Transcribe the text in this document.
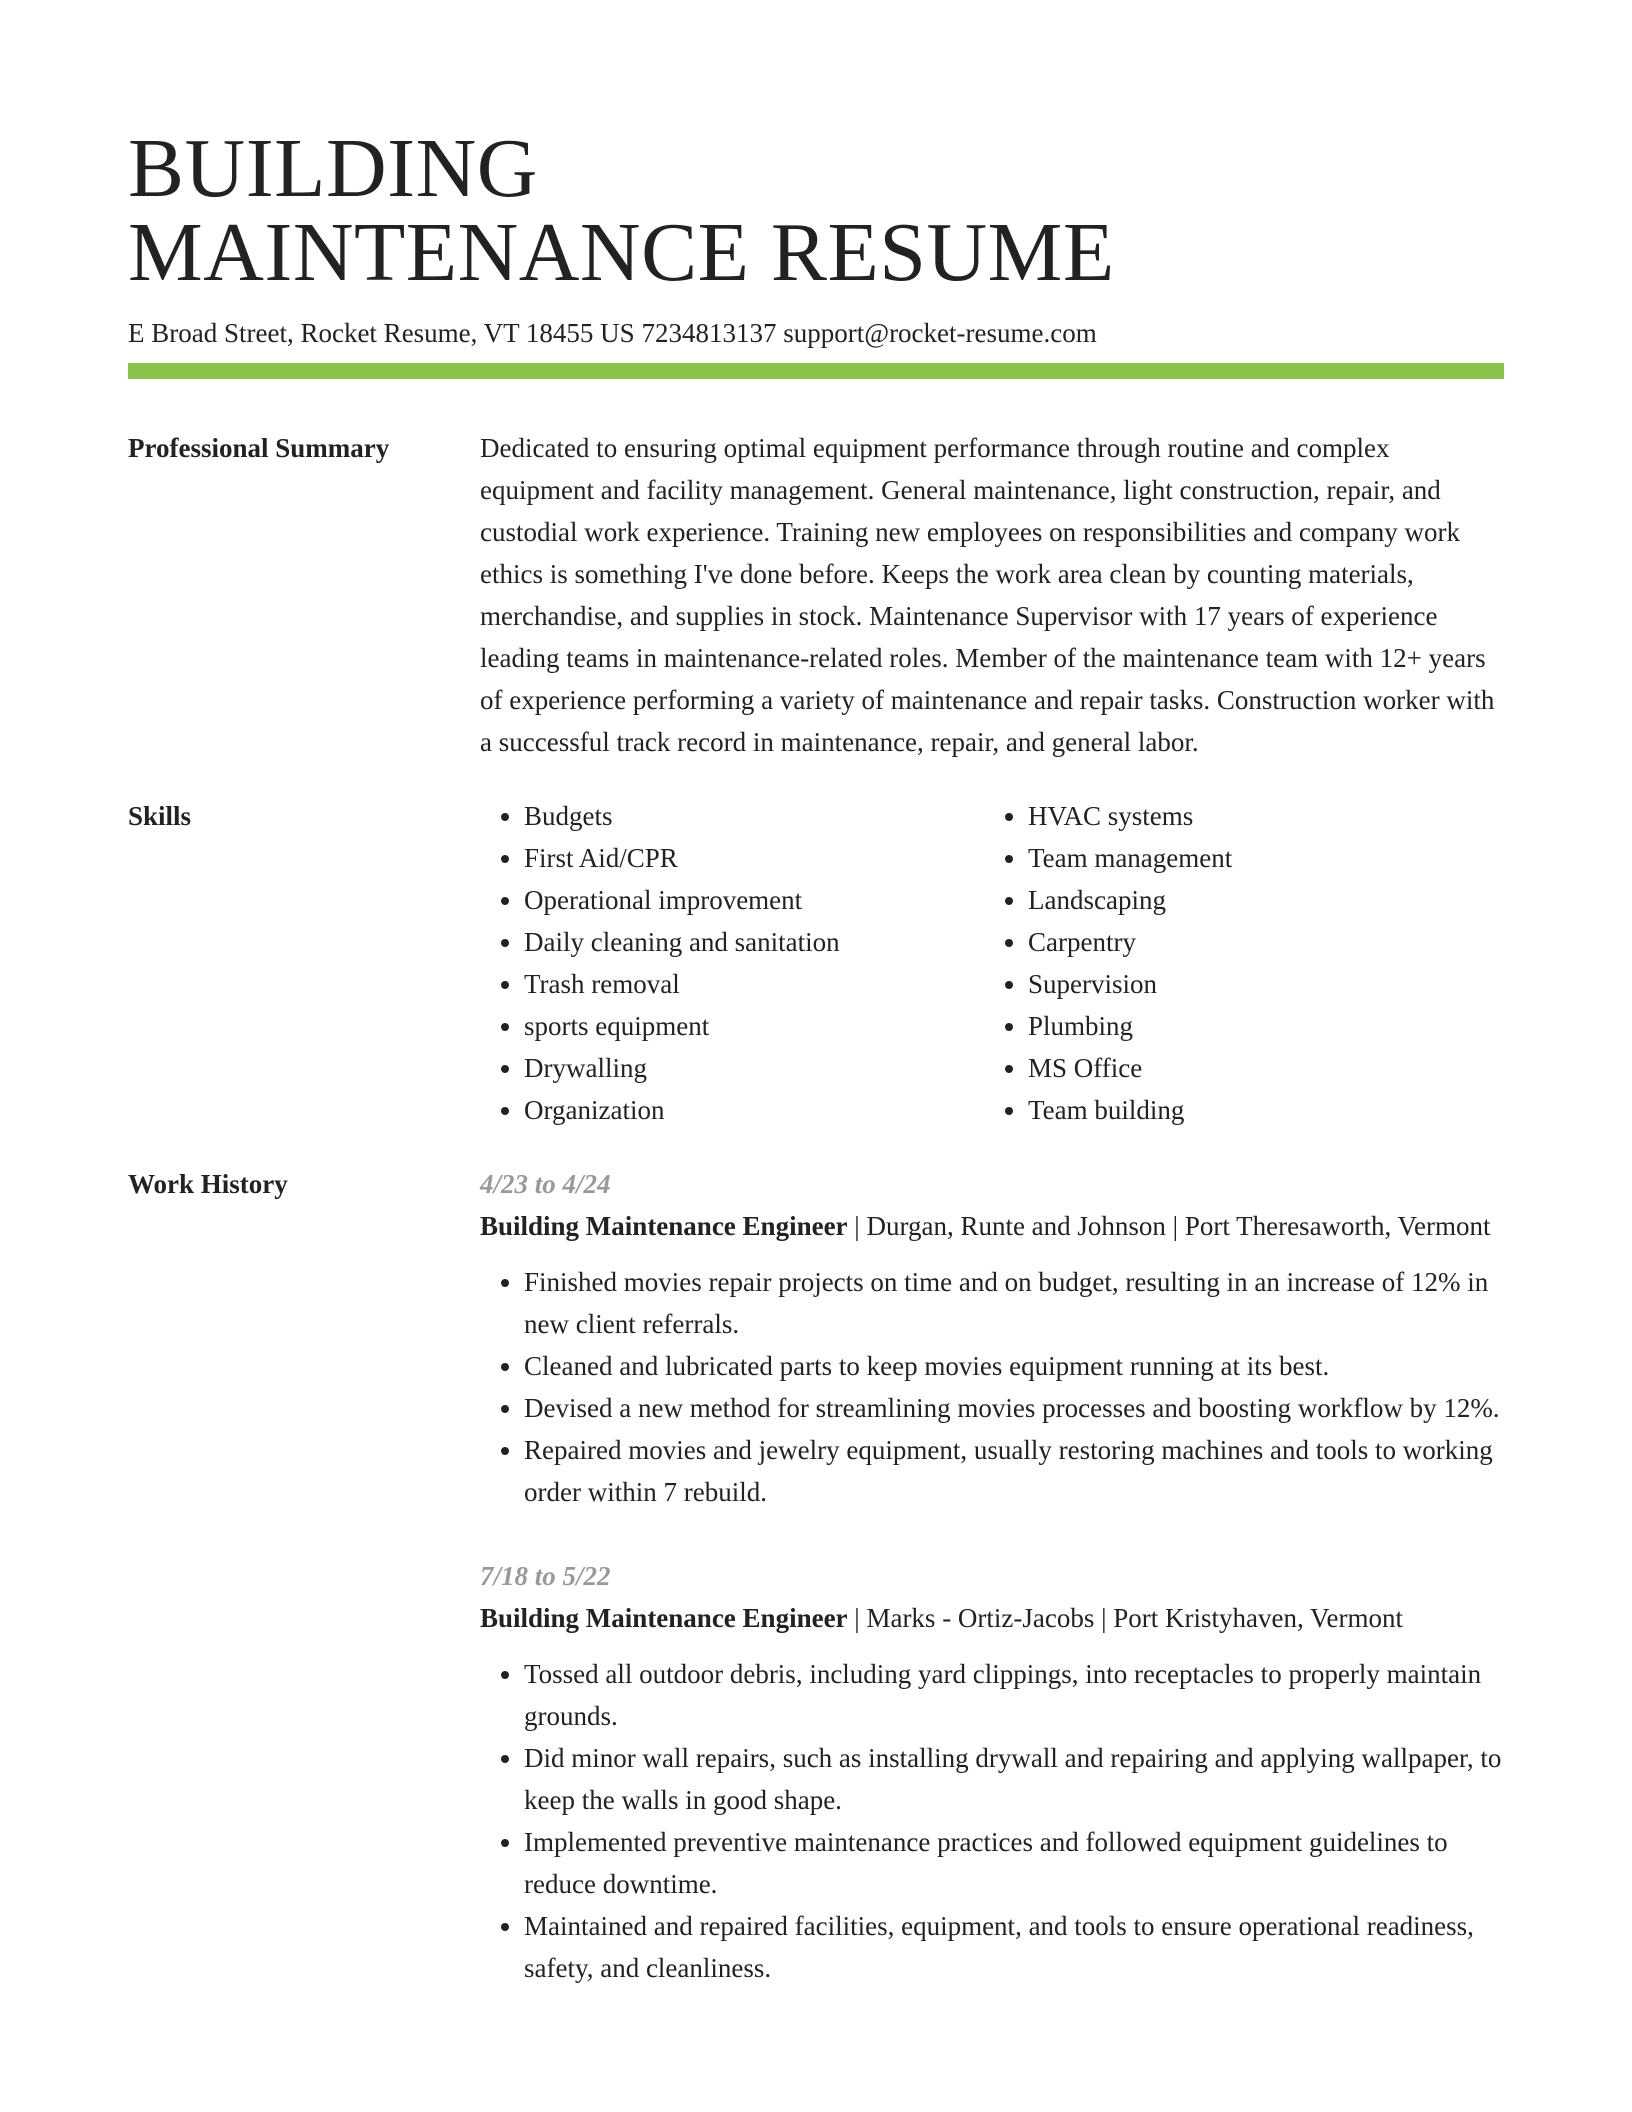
BUILDING
MAINTENANCE RESUME
E Broad Street, Rocket Resume, VT 18455 US 7234813137 support@rocket-resume.com
Professional Summary	Dedicated to ensuring optimal equipment performance through routine and complex equipment and facility management. General maintenance, light construction, repair, and custodial work experience. Training new employees on responsibilities and company work ethics is something I've done before. Keeps the work area clean by counting materials, merchandise, and supplies in stock. Maintenance Supervisor with 17 years of experience leading teams in maintenance-related roles. Member of the maintenance team with 12+ years of experience performing a variety of maintenance and repair tasks. Construction worker with a successful track record in maintenance, repair, and general labor.

Skills
•	Budgets
• First Aid/CPR
• Operational improvement
• Daily cleaning and sanitation
• Trash removal
• sports equipment
• Drywalling
• Organization
• HVAC systems
• Team management
• Landscaping
• Carpentry
• Supervision
• Plumbing
• MS Office
• Team building
Work History	4/23 to 4/24
Building Maintenance Engineer | Durgan, Runte and Johnson | Port Theresaworth, Vermont
• Finished movies repair projects on time and on budget, resulting in an increase of 12% in new client referrals.
• Cleaned and lubricated parts to keep movies equipment running at its best.
• Devised a new method for streamlining movies processes and boosting workflow by 12%.
• Repaired movies and jewelry equipment, usually restoring machines and tools to working order within 7 rebuild.
7/18 to 5/22
Building Maintenance Engineer | Marks - Ortiz-Jacobs | Port Kristyhaven, Vermont
• Tossed all outdoor debris, including yard clippings, into receptacles to properly maintain grounds.
• Did minor wall repairs, such as installing drywall and repairing and applying wallpaper, to keep the walls in good shape.
• Implemented preventive maintenance practices and followed equipment guidelines to reduce downtime.
• Maintained and repaired facilities, equipment, and tools to ensure operational readiness, safety, and cleanliness.
